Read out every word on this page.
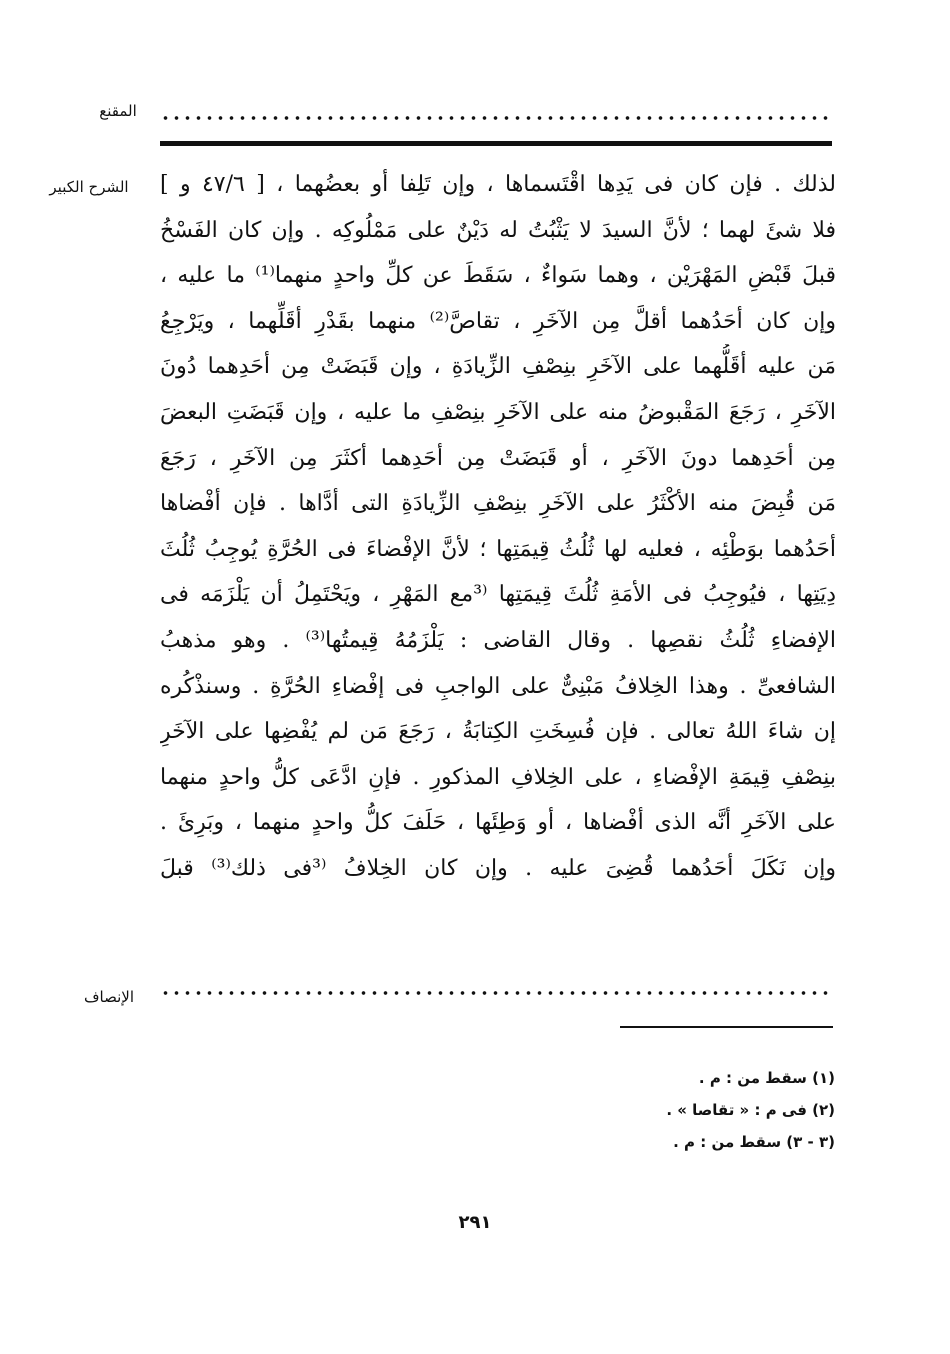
المقنع
الشرح الكبير
الإنصاف
لذلك . فإن كان فى يَدِها اقْتَسماها ، وإن تَلِفا أو بعضُهما ، [ ٤٧/٦ و ]
فلا شئَ لهما ؛ لأنَّ السيدَ لا يَثْبُتُ له دَيْنٌ على مَمْلُوكِه . وإن كان الفَسْخُ
قبلَ قَبْضِ المَهْرَيْن ، وهما سَواءٌ ، سَقَطَ عن كلِّ واحدٍ منهما⁽¹⁾ ما عليه ،
وإن كان أحَدُهما أقلَّ مِن الآخَرِ ، تقاصَّ⁽²⁾ منهما بقَدْرِ أقَلِّهما ، ويَرْجِعُ
مَن عليه أقَلُّهما على الآخَرِ بنِصْفِ الزِّيادَةِ ، وإن قَبَضَتْ مِن أحَدِهما دُونَ
الآخَرِ ، رَجَعَ المَقْبوضُ منه على الآخَرِ بنِصْفِ ما عليه ، وإن قَبَضَتِ البعضَ
مِن أحَدِهما دونَ الآخَرِ ، أو قَبَضَتْ مِن أحَدِهما أكثَرَ مِن الآخَرِ ، رَجَعَ
مَن قُبِضَ منه الأكْثَرُ على الآخَرِ بنِصْفِ الزِّيادَةِ التى أدَّاها . فإن أفْضاها
أحَدُهما بوَطْئِه ، فعليه لها ثُلُثُ قِيمَتِها ؛ لأنَّ الإفْضاءَ فى الحُرَّةِ يُوجِبُ ثُلُثَ
دِيَتِها ، فيُوجِبُ فى الأمَةِ ثُلُثَ قِيمَتِها ⁽³مع المَهْرِ ، ويَحْتَمِلُ أن يَلْزَمَه فى
الإفضاءِ ثُلُثُ نقصِها . وقال القاضى : يَلْزَمُهُ قِيمتُها⁽³⁾ . وهو مذهبُ
الشافعىِّ . وهذا الخِلافُ مَبْنِىٌّ على الواجبِ فى إفْضاءِ الحُرَّةِ . وسنذْكُره
إن شاءَ اللهُ تعالى . فإن فُسِخَتِ الكِتابَةُ ، رَجَعَ مَن لم يُفْضِها على الآخَرِ
بنِصْفِ قِيمَةِ الإفْضاءِ ، على الخِلافِ المذكورِ . فإنِ ادَّعَى كلُّ واحدٍ منهما
على الآخَرِ أنَّه الذى أفْضاها ، أو وَطِئَها ، حَلَفَ كلُّ واحدٍ منهما ، وبَرِئَ .
وإن نَكَلَ أحَدُهما قُضِىَ عليه . وإن كان الخِلافُ ⁽³فى ذلك⁽³⁾ قبلَ
(١) سقط من : م .
(٢) فى م : « تقاصا » .
(٣ - ٣) سقط من : م .
٢٩١
